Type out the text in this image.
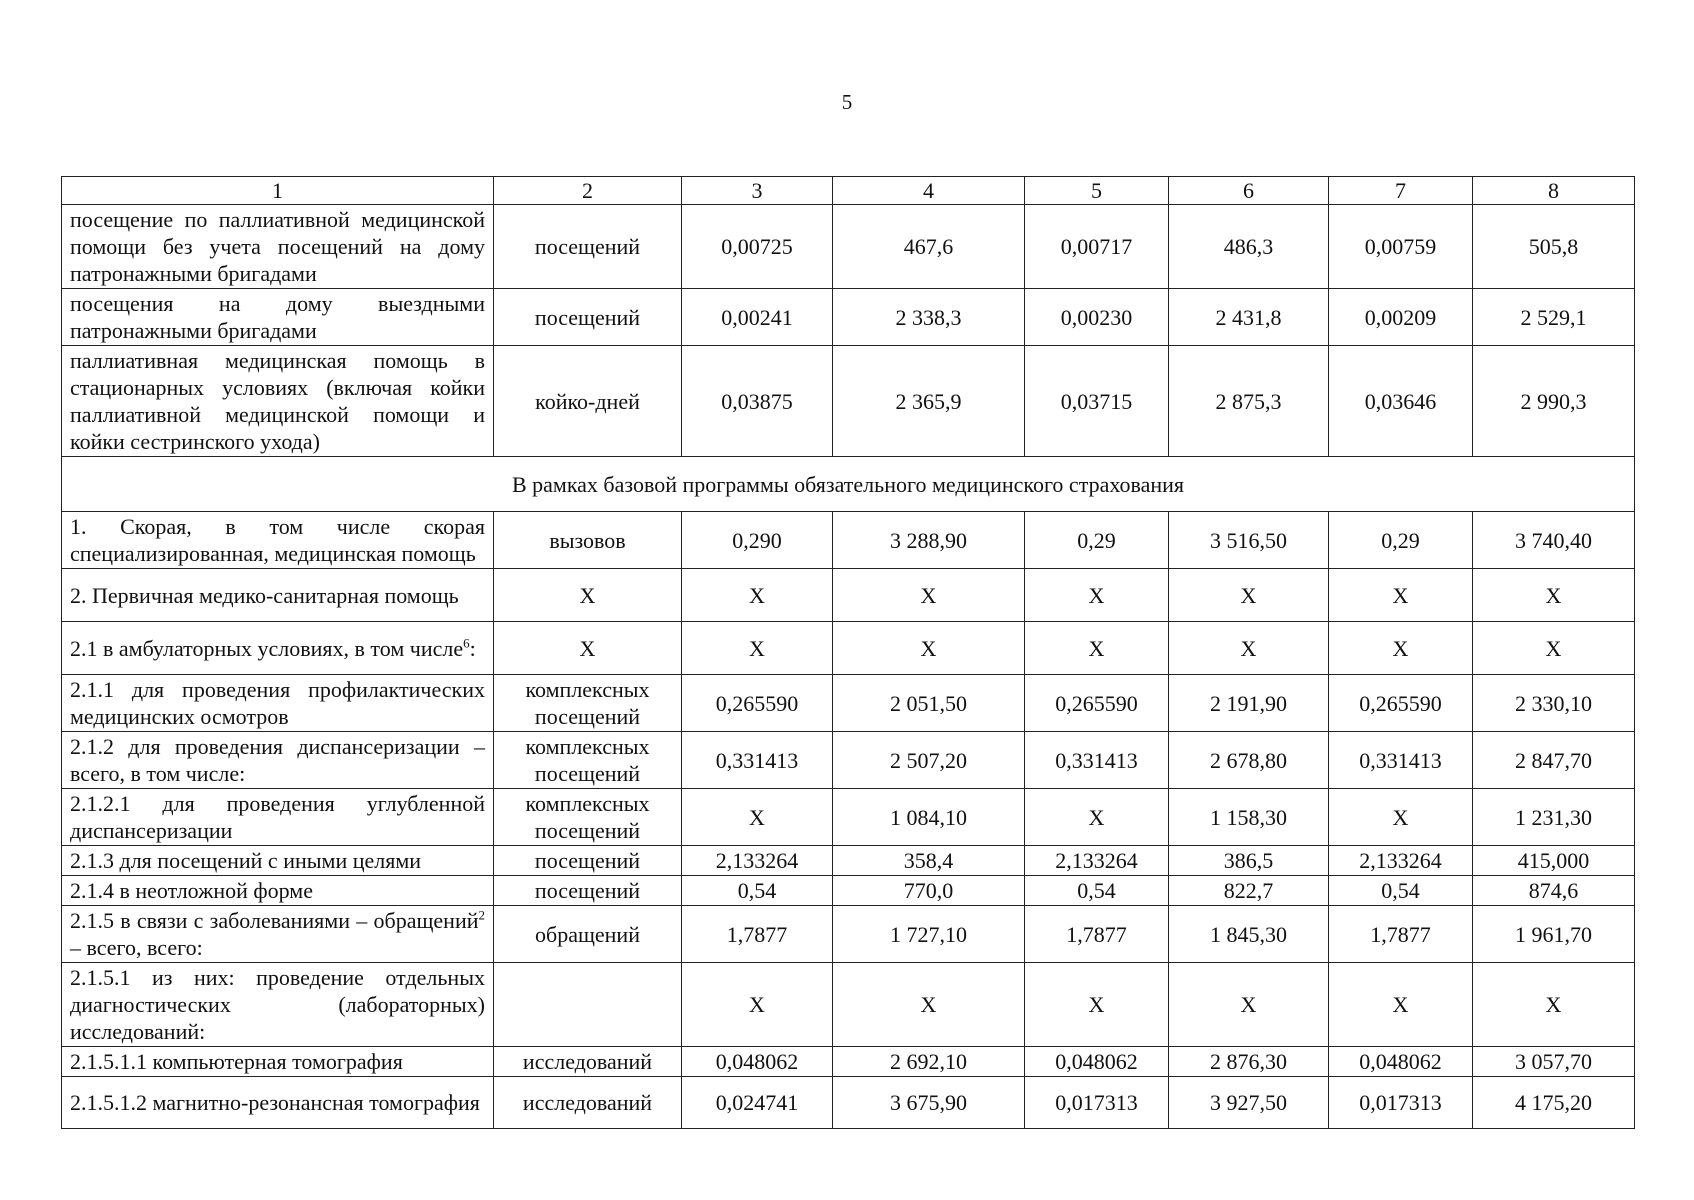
5
1	2	3	4	5	6	7	8
посещение по паллиативной медицинской помощи без учета посещений на дому патронажными бригадами	посещений	0,00725	467,6	0,00717	486,3	0,00759	505,8
посещения на дому выездными патронажными бригадами	посещений	0,00241	2 338,3	0,00230	2 431,8	0,00209	2 529,1
паллиативная медицинская помощь в стационарных условиях (включая койки паллиативной медицинской помощи и койки сестринского ухода)	койко-дней	0,03875	2 365,9	0,03715	2 875,3	0,03646	2 990,3
В рамках базовой программы обязательного медицинского страхования							
1. Скорая, в том числе скорая специализированная, медицинская помощь	вызовов	0,290	3 288,90	0,29	3 516,50	0,29	3 740,40
2. Первичная медико-санитарная помощь	Х	Х	Х	Х	Х	Х	Х
2.1 в амбулаторных условиях, в том числе$^6$:	Х	Х	Х	Х	Х	Х	Х
2.1.1 для проведения профилактических медицинских осмотров	комплексных посещений	0,265590	2 051,50	0,265590	2 191,90	0,265590	2 330,10
2.1.2 для проведения диспансеризации – всего, в том числе:	комплексных посещений	0,331413	2 507,20	0,331413	2 678,80	0,331413	2 847,70
2.1.2.1 для проведения углубленной диспансеризации	комплексных посещений	Х	1 084,10	Х	1 158,30	Х	1 231,30
2.1.3 для посещений с иными целями	посещений	2,133264	358,4	2,133264	386,5	2,133264	415,000
2.1.4 в неотложной форме	посещений	0,54	770,0	0,54	822,7	0,54	874,6
2.1.5 в связи с заболеваниями – обращений$^2$ – всего, всего:	обращений	1,7877	1 727,10	1,7877	1 845,30	1,7877	1 961,70
2.1.5.1 из них: проведение отдельных диагностических (лабораторных) исследований:		Х	Х	Х	Х	Х	Х
2.1.5.1.1 компьютерная томография	исследований	0,048062	2 692,10	0,048062	2 876,30	0,048062	3 057,70
2.1.5.1.2 магнитно-резонансная томография	исследований	0,024741	3 675,90	0,017313	3 927,50	0,017313	4 175,20
